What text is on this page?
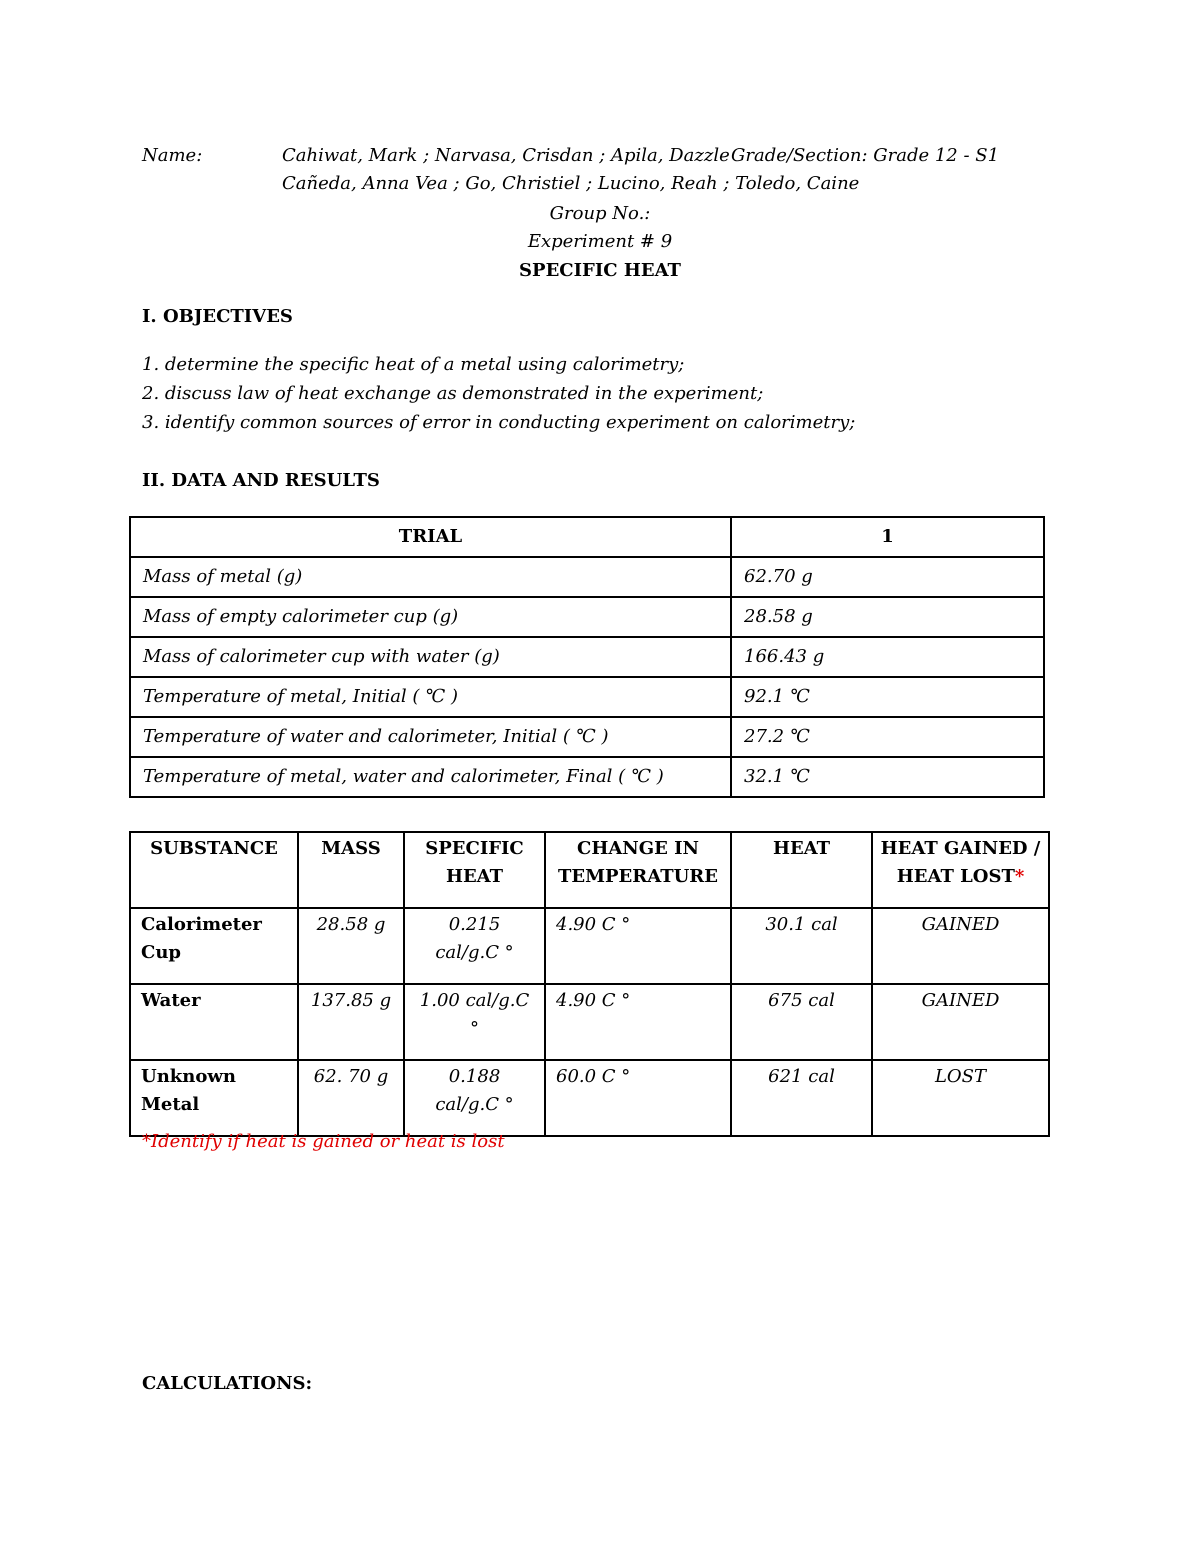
Name:	Cahiwat, Mark ; Narvasa, Crisdan ; Apila, Dazzle Grade/Section: Grade 12 - S1
Cañeda, Anna Vea ; Go, Christiel ; Lucino, Reah ; Toledo, Caine
Group No.:
Experiment # 9
SPECIFIC HEAT
I. OBJECTIVES
1. determine the specific heat of a metal using calorimetry;
2. discuss law of heat exchange as demonstrated in the experiment;
3. identify common sources of error in conducting experiment on calorimetry;
II. DATA AND RESULTS
TRIAL	1
Mass of metal (g)	62.70 g
Mass of empty calorimeter cup (g)	28.58 g
Mass of calorimeter cup with water (g)	166.43 g
Temperature of metal, Initial ( ℃ )	92.1 ℃
Temperature of water and calorimeter, Initial ( ℃ )	27.2 ℃
Temperature of metal, water and calorimeter, Final ( ℃ )	32.1 ℃
SUBSTANCE	MASS	SPECIFIC HEAT	CHANGE IN TEMPERATURE	HEAT	HEAT GAINED / HEAT LOST*
Calorimeter Cup	28.58 g	0.215 cal/g.C °	4.90 C °	30.1 cal	GAINED
Water	137.85 g	1.00 cal/g.C °	4.90 C °	675 cal	GAINED
Unknown Metal	62. 70 g	0.188 cal/g.C °	60.0 C °	621 cal	LOST
*Identify if heat is gained or heat is lost
CALCULATIONS:
